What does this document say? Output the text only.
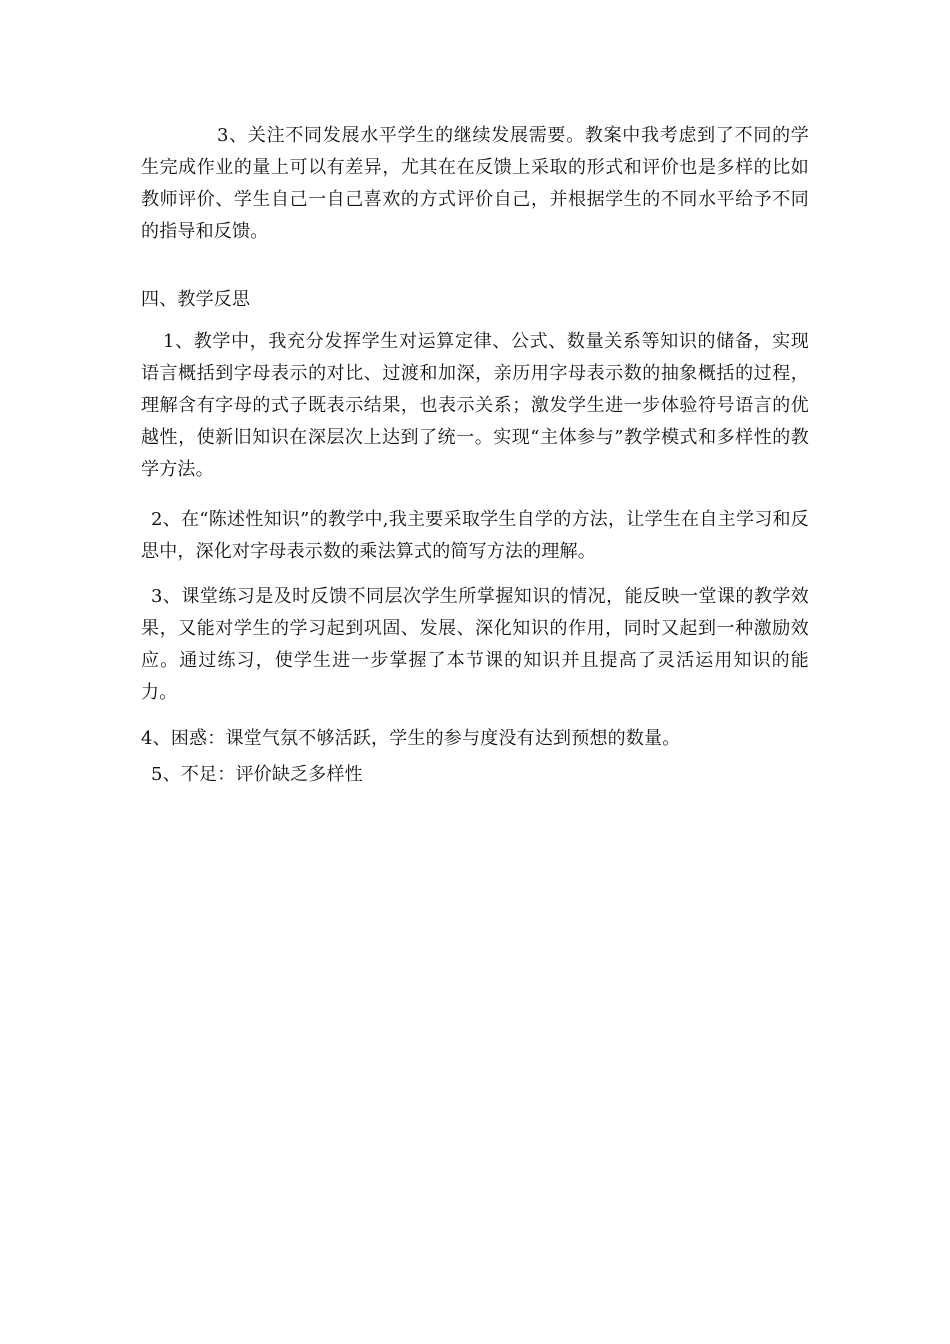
3、关注不同发展水平学生的继续发展需要。教案中我考虑到了不同的学生完成作业的量上可以有差异，尤其在在反馈上采取的形式和评价也是多样的比如教师评价、学生自己一自己喜欢的方式评价自己，并根据学生的不同水平给予不同的指导和反馈。

四、教学反思

1、教学中，我充分发挥学生对运算定律、公式、数量关系等知识的储备，实现语言概括到字母表示的对比、过渡和加深，亲历用字母表示数的抽象概括的过程，理解含有字母的式子既表示结果，也表示关系；激发学生进一步体验符号语言的优越性，使新旧知识在深层次上达到了统一。实现“主体参与”教学模式和多样性的教学方法。

2、在“陈述性知识”的教学中,我主要采取学生自学的方法，让学生在自主学习和反思中，深化对字母表示数的乘法算式的简写方法的理解。

3、课堂练习是及时反馈不同层次学生所掌握知识的情况，能反映一堂课的教学效果，又能对学生的学习起到巩固、发展、深化知识的作用，同时又起到一种激励效应。通过练习，使学生进一步掌握了本节课的知识并且提高了灵活运用知识的能力。

4、困惑：课堂气氛不够活跃，学生的参与度没有达到预想的数量。

5、不足：评价缺乏多样性
